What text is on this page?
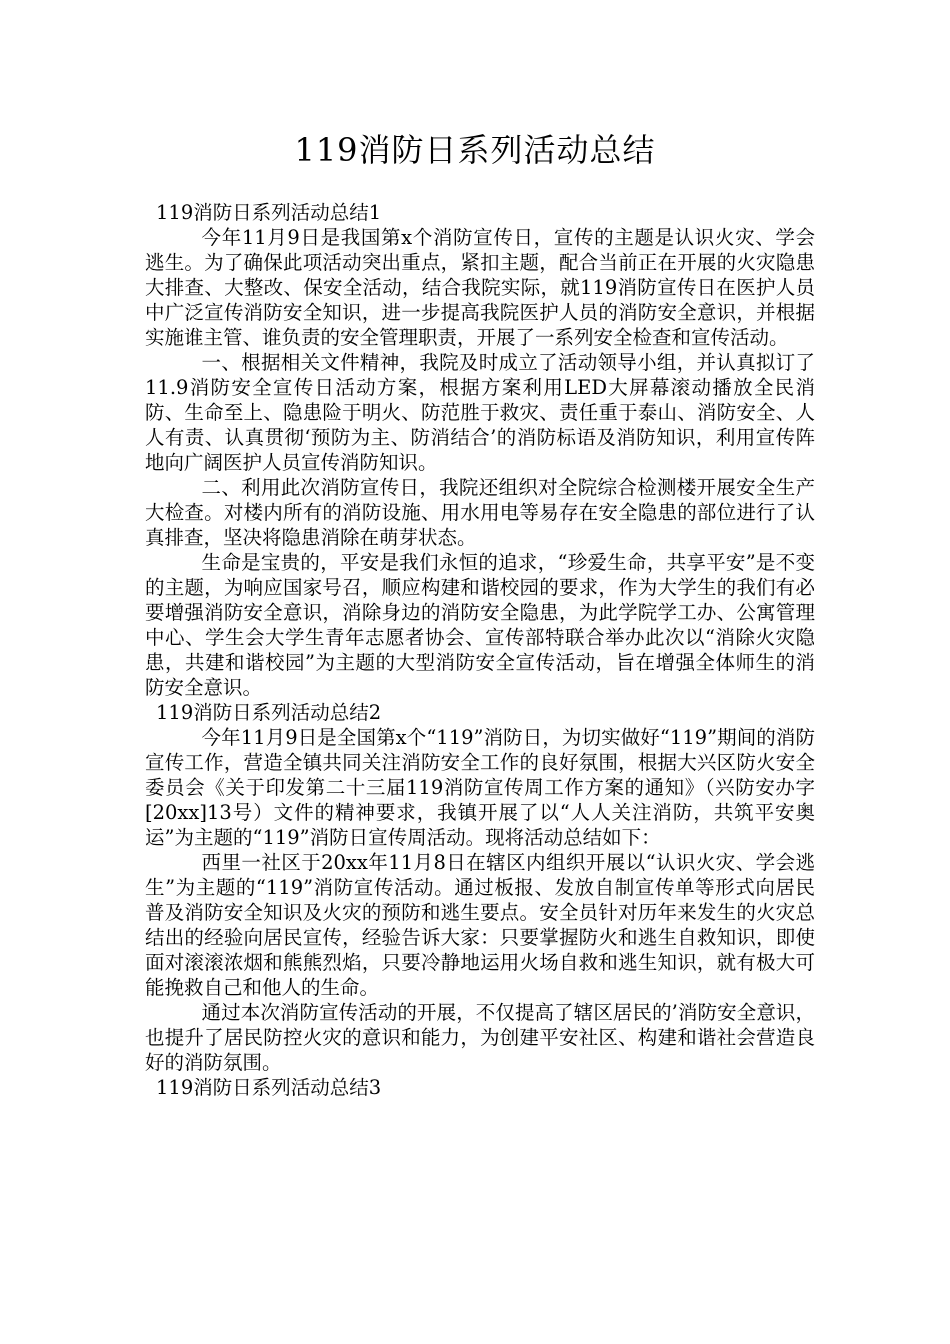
119消防日系列活动总结

119消防日系列活动总结1

今年11月9日是我国第x个消防宣传日，宣传的主题是认识火灾、学会逃生。为了确保此项活动突出重点，紧扣主题，配合当前正在开展的火灾隐患大排查、大整改、保安全活动，结合我院实际，就119消防宣传日在医护人员中广泛宣传消防安全知识，进一步提高我院医护人员的消防安全意识，并根据实施谁主管、谁负责的安全管理职责，开展了一系列安全检查和宣传活动。

一、根据相关文件精神，我院及时成立了活动领导小组，并认真拟订了11.9消防安全宣传日活动方案，根据方案利用LED大屏幕滚动播放全民消防、生命至上、隐患险于明火、防范胜于救灾、责任重于泰山、消防安全、人人有责、认真贯彻‘预防为主、防消结合’的消防标语及消防知识，利用宣传阵地向广阔医护人员宣传消防知识。

二、利用此次消防宣传日，我院还组织对全院综合检测楼开展安全生产大检查。对楼内所有的消防设施、用水用电等易存在安全隐患的部位进行了认真排查，坚决将隐患消除在萌芽状态。

生命是宝贵的，平安是我们永恒的追求，“珍爱生命，共享平安”是不变的主题，为响应国家号召，顺应构建和谐校园的要求，作为大学生的我们有必要增强消防安全意识，消除身边的消防安全隐患，为此学院学工办、公寓管理中心、学生会大学生青年志愿者协会、宣传部特联合举办此次以“消除火灾隐患，共建和谐校园”为主题的大型消防安全宣传活动，旨在增强全体师生的消防安全意识。

119消防日系列活动总结2

今年11月9日是全国第x个“119”消防日，为切实做好“119”期间的消防宣传工作，营造全镇共同关注消防安全工作的良好氛围，根据大兴区防火安全委员会《关于印发第二十三届119消防宣传周工作方案的通知》（兴防安办字[20xx]13号）文件的精神要求，我镇开展了以“人人关注消防，共筑平安奥运”为主题的“119”消防日宣传周活动。现将活动总结如下：

西里一社区于20xx年11月8日在辖区内组织开展以“认识火灾、学会逃生”为主题的“119”消防宣传活动。通过板报、发放自制宣传单等形式向居民普及消防安全知识及火灾的预防和逃生要点。安全员针对历年来发生的火灾总结出的经验向居民宣传，经验告诉大家：只要掌握防火和逃生自救知识，即使面对滚滚浓烟和熊熊烈焰，只要冷静地运用火场自救和逃生知识，就有极大可能挽救自己和他人的生命。

通过本次消防宣传活动的开展，不仅提高了辖区居民的’消防安全意识，也提升了居民防控火灾的意识和能力，为创建平安社区、构建和谐社会营造良好的消防氛围。

119消防日系列活动总结3
